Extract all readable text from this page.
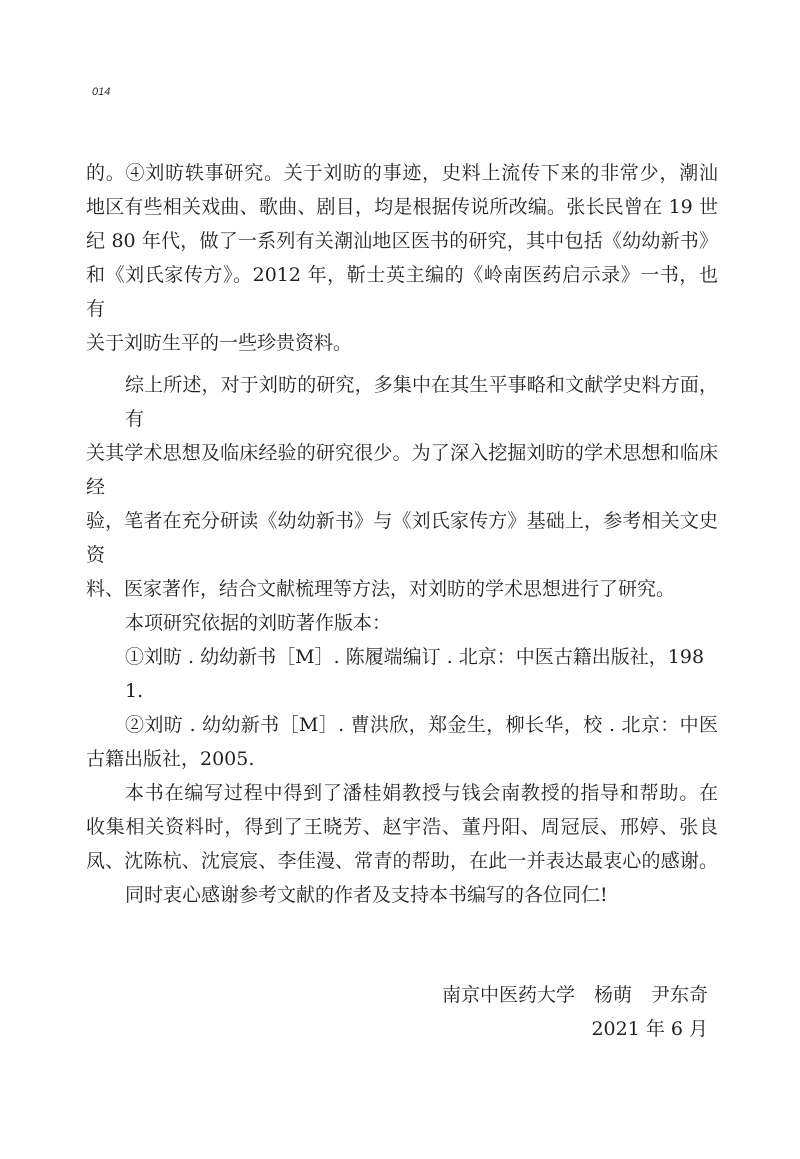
014
的。④刘昉轶事研究。关于刘昉的事迹，史料上流传下来的非常少，潮汕
地区有些相关戏曲、歌曲、剧目，均是根据传说所改编。张长民曾在 19 世
纪 80 年代，做了一系列有关潮汕地区医书的研究，其中包括《幼幼新书》
和《刘氏家传方》。2012 年，靳士英主编的《岭南医药启示录》一书，也有
关于刘昉生平的一些珍贵资料。
综上所述，对于刘昉的研究，多集中在其生平事略和文献学史料方面，有
关其学术思想及临床经验的研究很少。为了深入挖掘刘昉的学术思想和临床经
验，笔者在充分研读《幼幼新书》与《刘氏家传方》基础上，参考相关文史资
料、医家著作，结合文献梳理等方法，对刘昉的学术思想进行了研究。
本项研究依据的刘昉著作版本：
①刘昉 . 幼幼新书［M］. 陈履端编订 . 北京：中医古籍出版社，1981.
②刘昉 . 幼幼新书［M］. 曹洪欣，郑金生，柳长华，校 . 北京：中医
古籍出版社，2005.
本书在编写过程中得到了潘桂娟教授与钱会南教授的指导和帮助。在
收集相关资料时，得到了王晓芳、赵宇浩、董丹阳、周冠辰、邢婷、张良
凤、沈陈杭、沈宸宸、李佳漫、常青的帮助，在此一并表达最衷心的感谢。
同时衷心感谢参考文献的作者及支持本书编写的各位同仁!
南京中医药大学　杨萌　尹东奇
2021 年 6 月
